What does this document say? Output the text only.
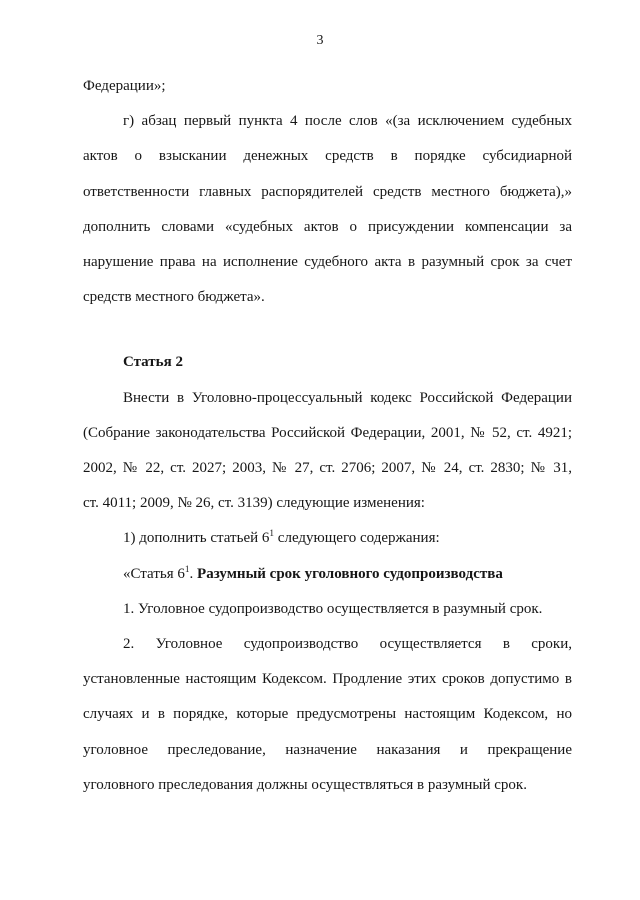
3
Федерации»;
г) абзац первый пункта 4 после слов «(за исключением судебных
актов о взыскании денежных средств в порядке субсидиарной
ответственности главных распорядителей средств местного бюджета),»
дополнить словами «судебных актов о присуждении компенсации за
нарушение права на исполнение судебного акта в разумный срок за счет
средств местного бюджета».
Статья 2
Внести в Уголовно-процессуальный кодекс Российской Федерации
(Собрание законодательства Российской Федерации, 2001, № 52, ст. 4921;
2002, № 22, ст. 2027; 2003, № 27, ст. 2706; 2007, № 24, ст. 2830; № 31,
ст. 4011; 2009, № 26, ст. 3139) следующие изменения:
1) дополнить статьей $6^1$ следующего содержания:
«Статья $6^1$. Разумный срок уголовного судопроизводства
1. Уголовное судопроизводство осуществляется в разумный срок.
2. Уголовное судопроизводство осуществляется в сроки,
установленные настоящим Кодексом. Продление этих сроков допустимо в
случаях и в порядке, которые предусмотрены настоящим Кодексом, но
уголовное преследование, назначение наказания и прекращение
уголовного преследования должны осуществляться в разумный срок.
